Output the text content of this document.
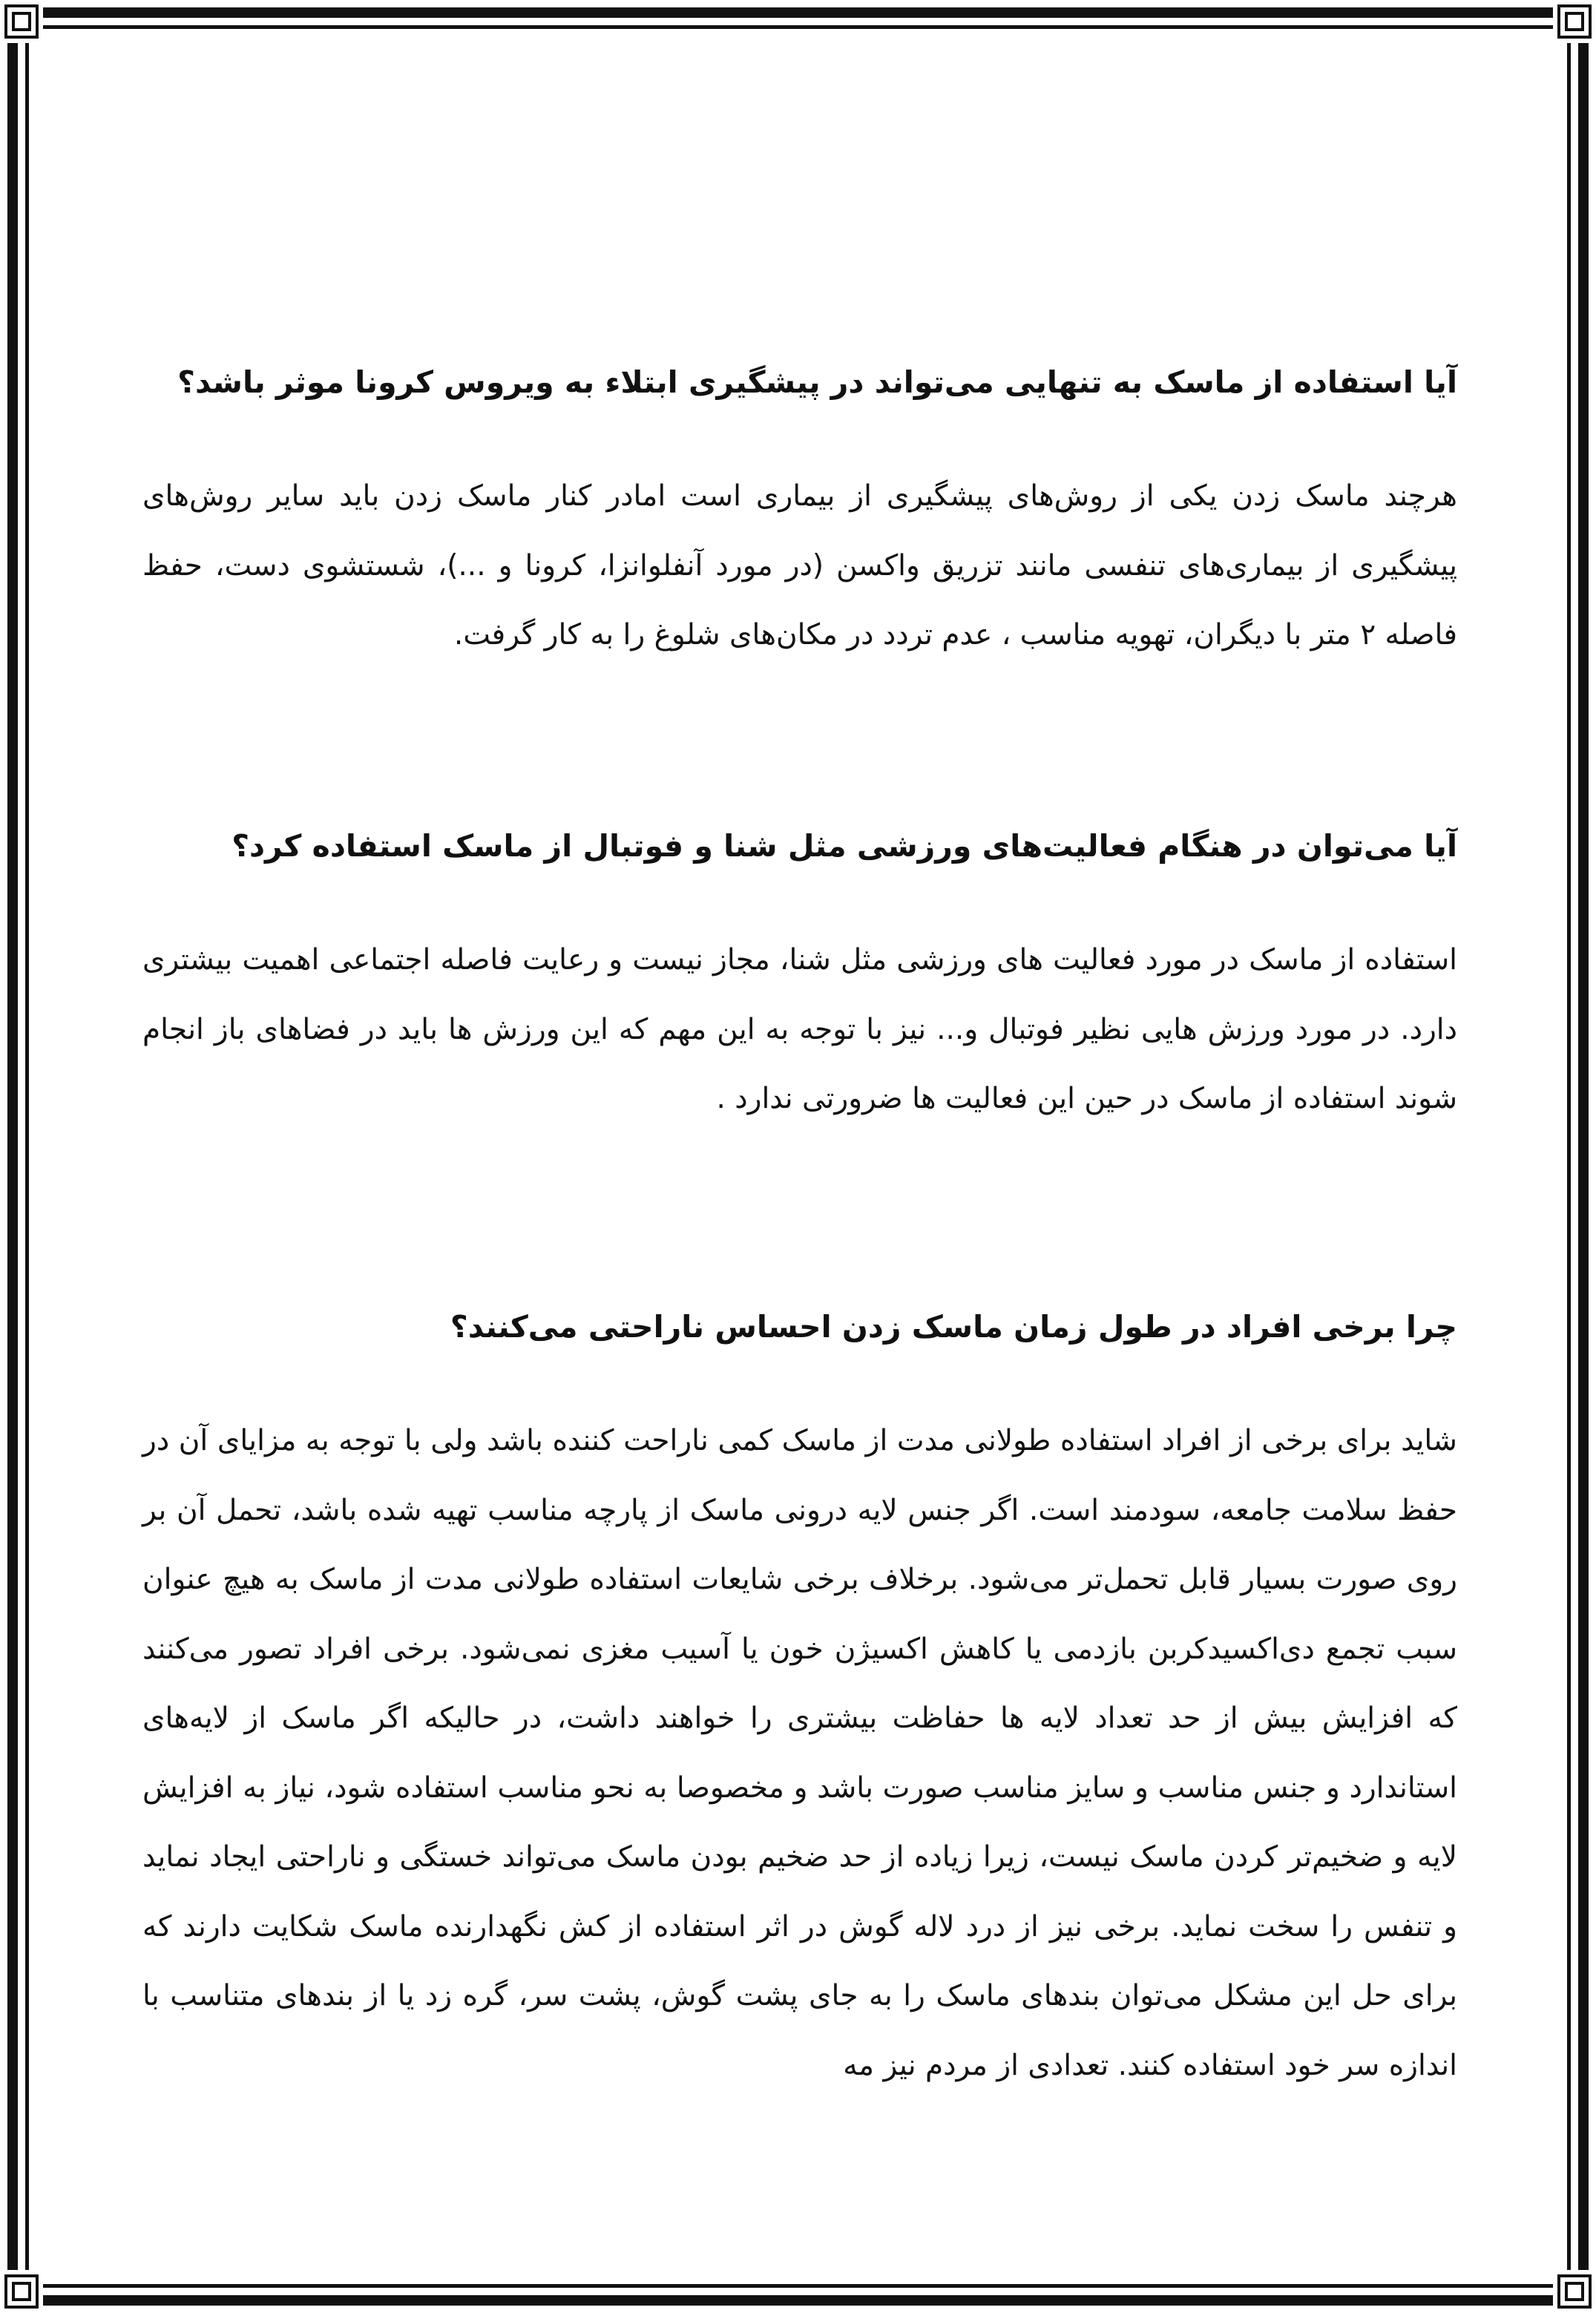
آیا استفاده از ماسک به تنهایی می‌تواند در پیشگیری ابتلاء به ویروس کرونا موثر باشد؟

هرچند ماسک زدن یکی از روش‌های پیشگیری از بیماری است امادر کنار ماسک زدن باید سایر روش‌های پیشگیری از بیماری‌های تنفسی مانند تزریق واکسن (در مورد آنفلوانزا، کرونا و ...)، شستشوی دست، حفظ فاصله ۲ متر با دیگران، تهویه مناسب ، عدم تردد در مکان‌های شلوغ را به کار گرفت.

آیا می‌توان در هنگام فعالیت‌های ورزشی مثل شنا و فوتبال از ماسک استفاده کرد؟

استفاده از ماسک در مورد فعالیت های ورزشی مثل شنا، مجاز نیست و رعایت فاصله اجتماعی اهمیت بیشتری دارد. در مورد ورزش هایی نظیر فوتبال و... نیز با توجه به این مهم که این ورزش ها باید در فضاهای باز انجام شوند استفاده از ماسک در حین این فعالیت ها ضرورتی ندارد .

چرا برخی افراد در طول زمان ماسک زدن احساس ناراحتی می‌کنند؟

شاید برای برخی از افراد استفاده طولانی مدت از ماسک کمی ناراحت کننده باشد ولی با توجه به مزایای آن در حفظ سلامت جامعه، سودمند است. اگر جنس لایه درونی ماسک از پارچه مناسب تهیه شده باشد، تحمل آن بر روی صورت بسیار قابل تحمل‌تر می‌شود. برخلاف برخی شایعات استفاده طولانی مدت از ماسک به هیچ عنوان سبب تجمع دی‌اکسیدکربن بازدمی یا کاهش اکسیژن خون یا آسیب مغزی نمی‌شود. برخی افراد تصور می‌کنند که افزایش بیش از حد تعداد لایه ها حفاظت بیشتری را خواهند داشت، در حالیکه اگر ماسک از لایه‌های استاندارد و جنس مناسب و سایز مناسب صورت باشد و مخصوصا به نحو مناسب استفاده شود، نیاز به افزایش لایه و ضخیم‌تر کردن ماسک نیست، زیرا زیاده از حد ضخیم بودن ماسک می‌تواند خستگی و ناراحتی ایجاد نماید و تنفس را سخت نماید. برخی نیز از درد لاله گوش در اثر استفاده از کش نگهدارنده ماسک شکایت دارند که برای حل این مشکل می‌توان بندهای ماسک را به جای پشت گوش، پشت سر، گره زد یا از بندهای متناسب با اندازه سر خود استفاده کنند. تعدادی از مردم نیز مه
